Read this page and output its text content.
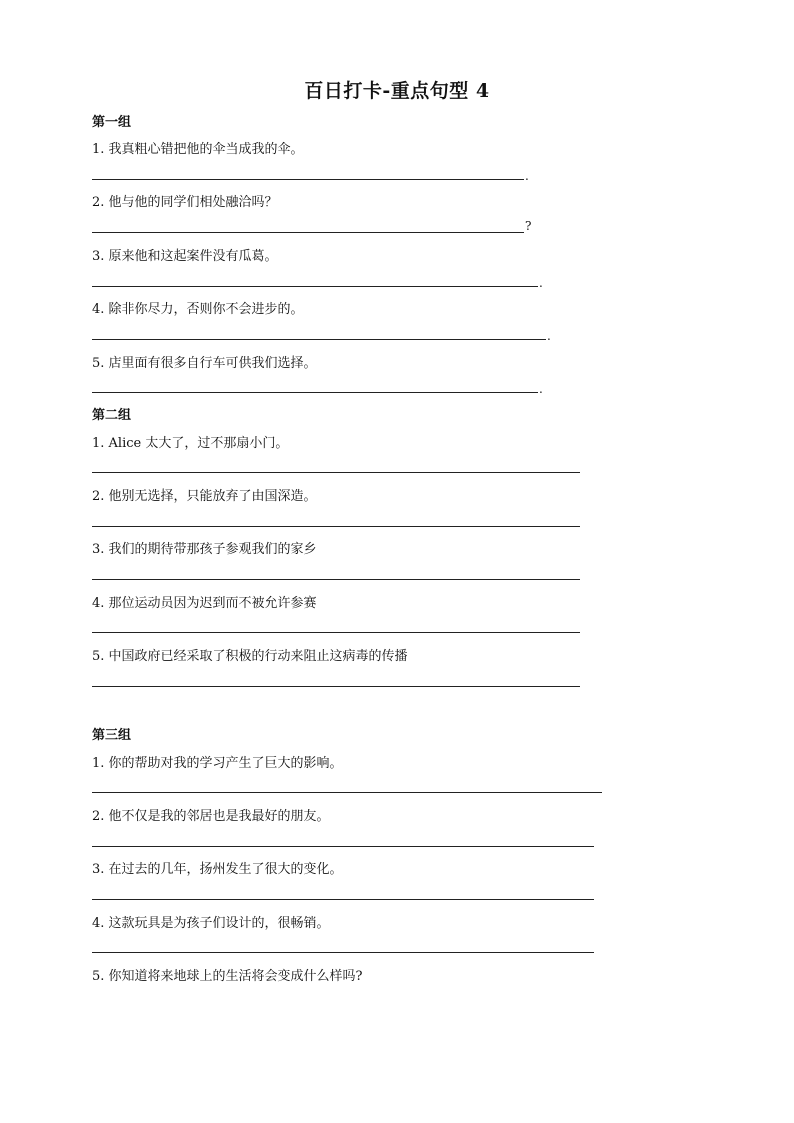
百日打卡-重点句型 4
第一组
1. 我真粗心错把他的伞当成我的伞。
.
2. 他与他的同学们相处融洽吗？
?
3. 原来他和这起案件没有瓜葛。
.
4. 除非你尽力，否则你不会进步的。
.
5. 店里面有很多自行车可供我们选择。
.
第二组
1. Alice 太大了，过不那扇小门。
2. 他别无选择，只能放弃了由国深造。
3. 我们的期待带那孩子参观我们的家乡
4. 那位运动员因为迟到而不被允许参赛
5. 中国政府已经采取了积极的行动来阻止这病毒的传播
第三组
1. 你的帮助对我的学习产生了巨大的影响。
2. 他不仅是我的邻居也是我最好的朋友。
3. 在过去的几年，扬州发生了很大的变化。
4. 这款玩具是为孩子们设计的，很畅销。
5. 你知道将来地球上的生活将会变成什么样吗?
